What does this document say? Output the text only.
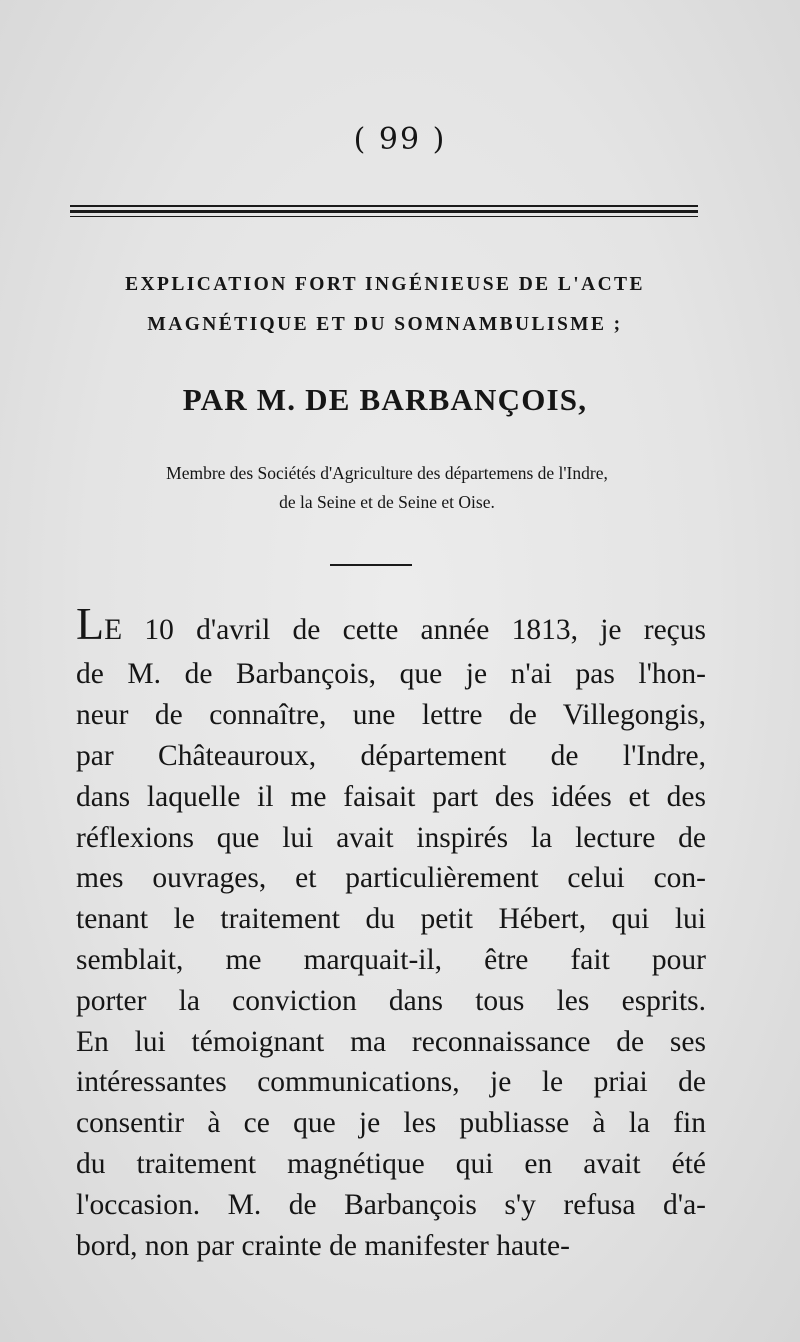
( 99 )
EXPLICATION FORT INGÉNIEUSE DE L'ACTE
MAGNÉTIQUE ET DU SOMNAMBULISME ;
PAR M. DE BARBANÇOIS,
Membre des Sociétés d'Agriculture des départemens de l'Indre,
de la Seine et de Seine et Oise.
LE 10 d'avril de cette année 1813, je reçus
de M. de Barbançois, que je n'ai pas l'hon-
neur de connaître, une lettre de Villegongis,
par Châteauroux, département de l'Indre,
dans laquelle il me faisait part des idées et des
réflexions que lui avait inspirés la lecture de
mes ouvrages, et particulièrement celui con-
tenant le traitement du petit Hébert, qui lui
semblait, me marquait-il, être fait pour
porter la conviction dans tous les esprits.
En lui témoignant ma reconnaissance de ses
intéressantes communications, je le priai de
consentir à ce que je les publiasse à la fin
du traitement magnétique qui en avait été
l'occasion. M. de Barbançois s'y refusa d'a-
bord, non par crainte de manifester haute-
